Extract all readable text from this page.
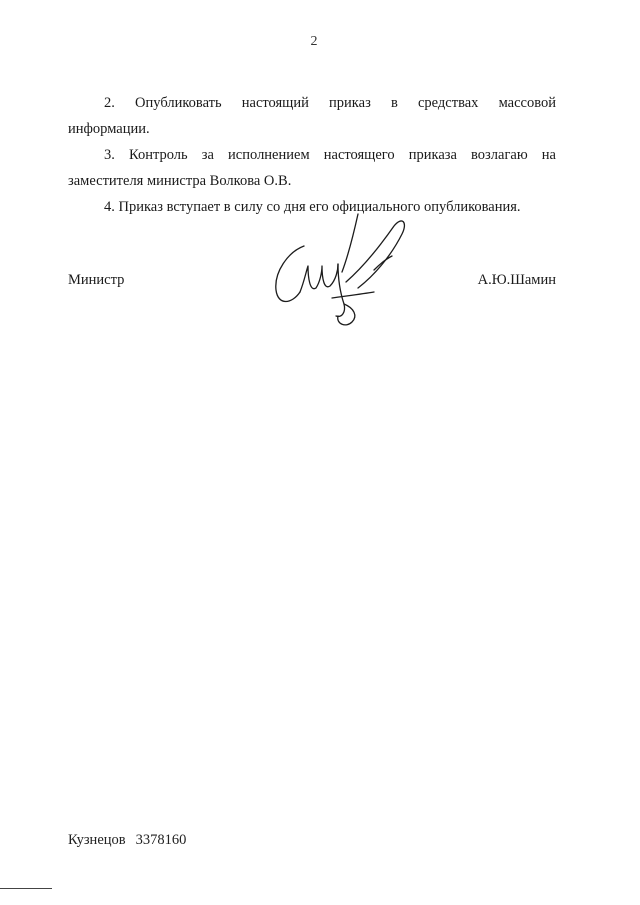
2

2. Опубликовать настоящий приказ в средствах массовой
информации.

3. Контроль за исполнением настоящего приказа возлагаю на
заместителя министра Волкова О.В.

4. Приказ вступает в силу со дня его официального опубликования.

Министр	А.Ю.Шамин
Кузнецов 3378160
